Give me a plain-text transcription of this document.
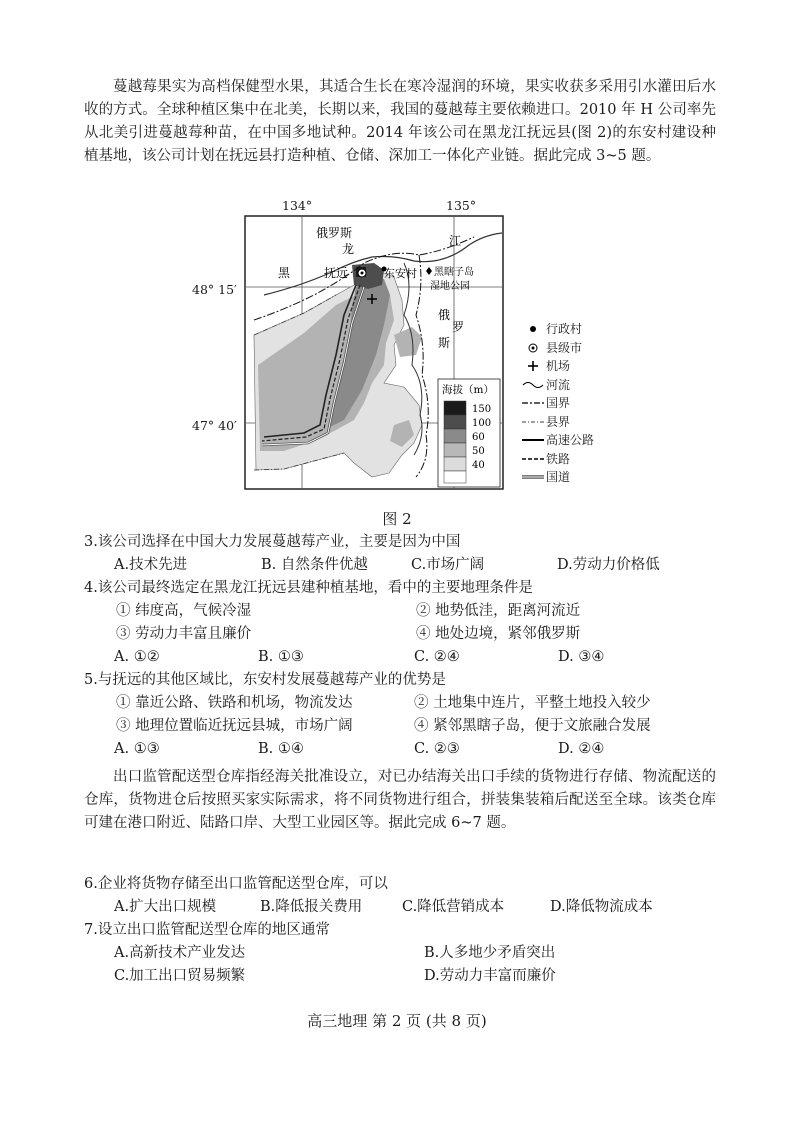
蔓越莓果实为高档保健型水果，其适合生长在寒冷湿润的环境，果实收获多采用引水灌田后水收的方式。全球种植区集中在北美，长期以来，我国的蔓越莓主要依赖进口。2010 年 H 公司率先从北美引进蔓越莓种苗，在中国多地试种。2014 年该公司在黑龙江抚远县(图 2)的东安村建设种植基地，该公司计划在抚远县打造种植、仓储、深加工一体化产业链。据此完成 3~5 题。
134°	135°
48° 15′
47° 40′
俄罗斯
龙
江
黑	抚远	东安村 黑瞎子岛
湿地公园
俄
罗
斯
海拔（m）
150
100
60
50
40
行政村
县级市
机场
河流
国界
县界
高速公路
铁路
国道
图 2
3.该公司选择在中国大力发展蔓越莓产业，主要是因为中国
A.技术先进	B. 自然条件优越	C.市场广阔	D.劳动力价格低
4.该公司最终选定在黑龙江抚远县建种植基地，看中的主要地理条件是
① 纬度高，气候冷湿	② 地势低洼，距离河流近
③ 劳动力丰富且廉价	④ 地处边境，紧邻俄罗斯
A. ①②	B. ①③	C. ②④	D. ③④
5.与抚远的其他区域比，东安村发展蔓越莓产业的优势是
① 靠近公路、铁路和机场，物流发达	② 土地集中连片，平整土地投入较少
③ 地理位置临近抚远县城，市场广阔	④ 紧邻黑瞎子岛，便于文旅融合发展
A. ①③	B. ①④	C. ②③	D. ②④
出口监管配送型仓库指经海关批准设立，对已办结海关出口手续的货物进行存储、物流配送的仓库，货物进仓后按照买家实际需求，将不同货物进行组合，拼装集装箱后配送至全球。该类仓库可建在港口附近、陆路口岸、大型工业园区等。据此完成 6~7 题。
6.企业将货物存储至出口监管配送型仓库，可以
A.扩大出口规模	B.降低报关费用	C.降低营销成本	D.降低物流成本
7.设立出口监管配送型仓库的地区通常
A.高新技术产业发达	B.人多地少矛盾突出
C.加工出口贸易频繁	D.劳动力丰富而廉价
高三地理 第 2 页 (共 8 页)
